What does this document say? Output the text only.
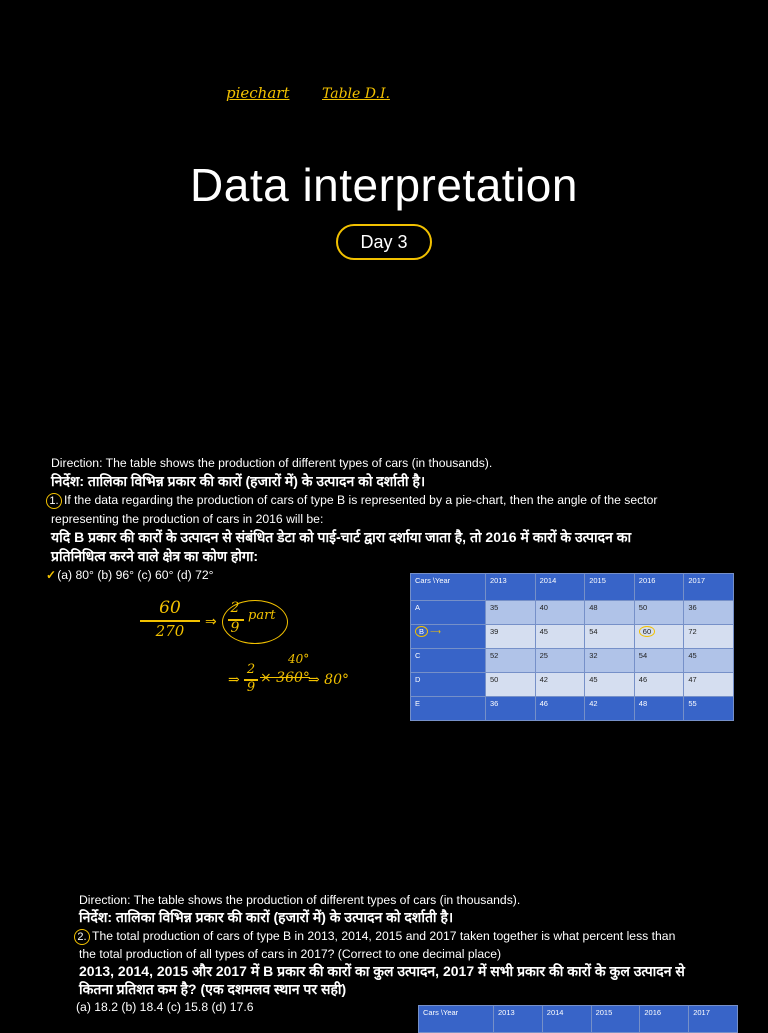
piechart Table D.I.
Data interpretation
Day 3
Direction: The table shows the production of different types of cars (in thousands).
निर्देश: तालिका विभिन्न प्रकार की कारों (हजारों में) के उत्पादन को दर्शाती है।
1. If the data regarding the production of cars of type B is represented by a pie-chart, then the angle of the sector
representing the production of cars in 2016 will be:
यदि B प्रकार की कारों के उत्पादन से संबंधित डेटा को पाई-चार्ट द्वारा दर्शाया जाता है, तो 2016 में कारों के उत्पादन का
प्रतिनिधित्व करने वाले क्षेत्र का कोण होगा:
✓(a) 80° (b) 96° (c) 60° (d) 72°
60
270	⇒
2
9
part
⇒
2
9
× 360°
40°
⇒ 80°
Cars \Year	2013	2014	2015	2016	2017
A	35	40	48	50	36
B ⟶	39	45	54	60	72
C	52	25	32	54	45
D	50	42	45	46	47
E	36	46	42	48	55
Direction: The table shows the production of different types of cars (in thousands).
निर्देश: तालिका विभिन्न प्रकार की कारों (हजारों में) के उत्पादन को दर्शाती है।
2. The total production of cars of type B in 2013, 2014, 2015 and 2017 taken together is what percent less than
the total production of all types of cars in 2017? (Correct to one decimal place)
2013, 2014, 2015 और 2017 में B प्रकार की कारों का कुल उत्पादन, 2017 में सभी प्रकार की कारों के कुल उत्पादन से
कितना प्रतिशत कम है? (एक दशमलव स्थान पर सही)
(a) 18.2 (b) 18.4 (c) 15.8 (d) 17.6	Cars \Year	2013	2014	2015	2016	2017
